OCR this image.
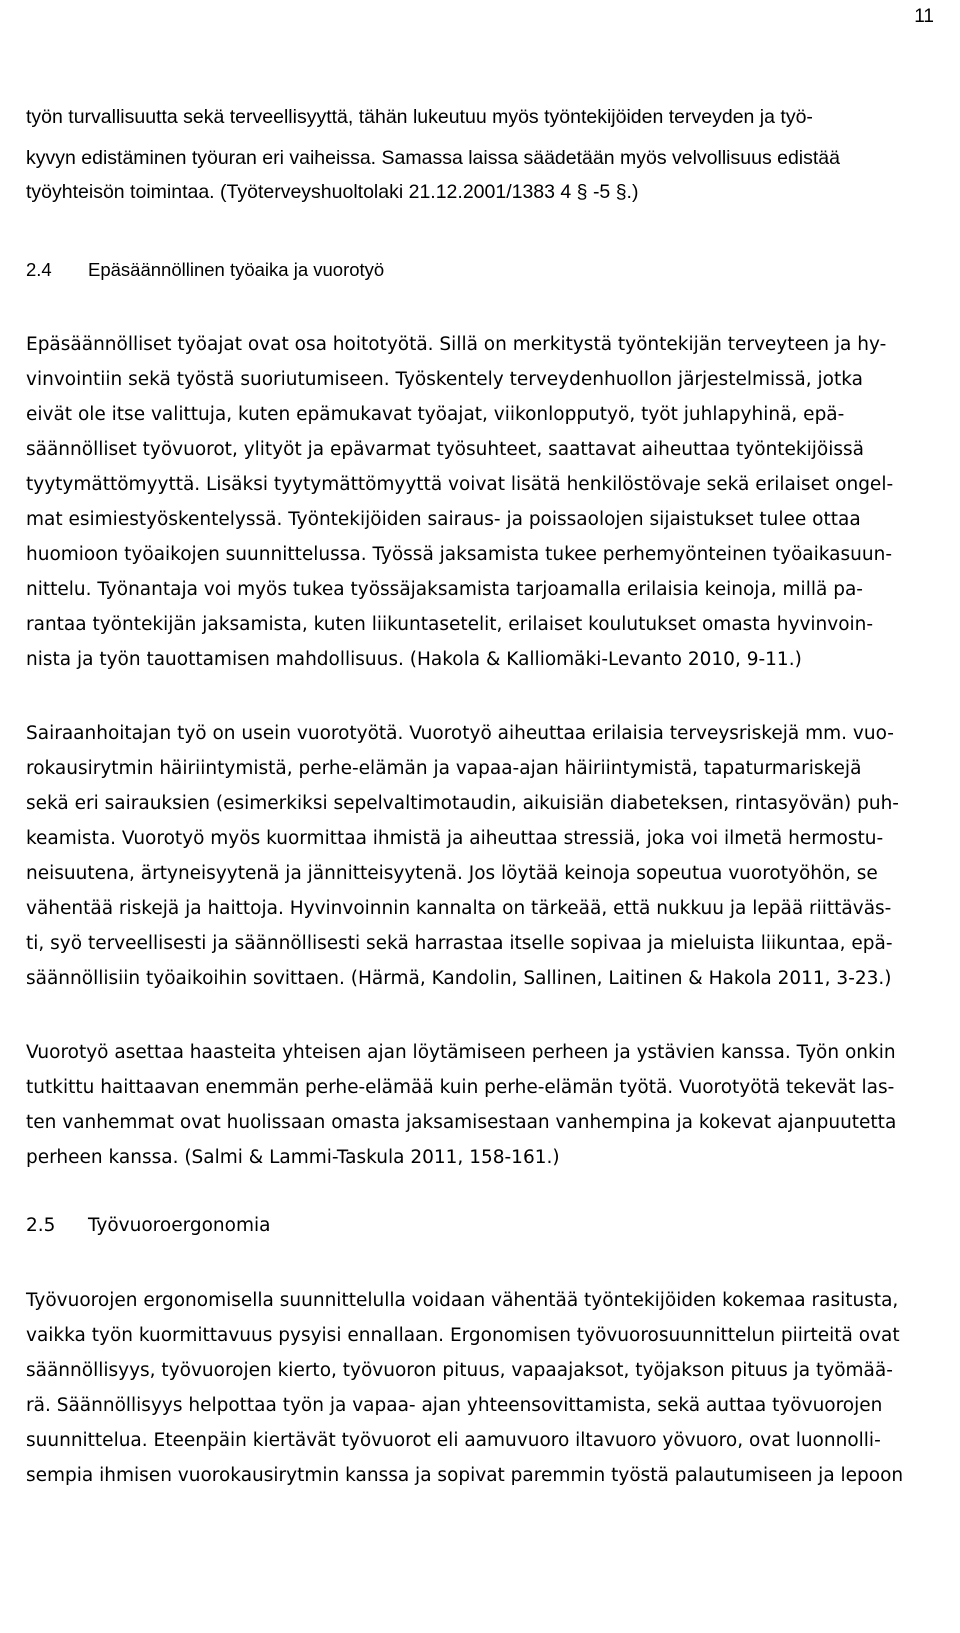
11
työn turvallisuutta sekä terveellisyyttä, tähän lukeutuu myös työntekijöiden terveyden ja työ-
kyvyn edistäminen työuran eri vaiheissa. Samassa laissa säädetään myös velvollisuus edistää
työyhteisön toimintaa. (Työterveyshuoltolaki 21.12.2001/1383 4 § -5 §.)
2.4 Epäsäännöllinen työaika ja vuorotyö
Epäsäännölliset työajat ovat osa hoitotyötä. Sillä on merkitystä työntekijän terveyteen ja hy-
vinvointiin sekä työstä suoriutumiseen. Työskentely terveydenhuollon järjestelmissä, jotka
eivät ole itse valittuja, kuten epämukavat työajat, viikonlopputyö, työt juhlapyhinä, epä-
säännölliset työvuorot, ylityöt ja epävarmat työsuhteet, saattavat aiheuttaa työntekijöissä
tyytymättömyyttä. Lisäksi tyytymättömyyttä voivat lisätä henkilöstövaje sekä erilaiset ongel-
mat esimiestyöskentelyssä. Työntekijöiden sairaus- ja poissaolojen sijaistukset tulee ottaa
huomioon työaikojen suunnittelussa. Työssä jaksamista tukee perhemyönteinen työaikasuun-
nittelu. Työnantaja voi myös tukea työssäjaksamista tarjoamalla erilaisia keinoja, millä pa-
rantaa työntekijän jaksamista, kuten liikuntasetelit, erilaiset koulutukset omasta hyvinvoin-
nista ja työn tauottamisen mahdollisuus. (Hakola & Kalliomäki-Levanto 2010, 9-11.)
Sairaanhoitajan työ on usein vuorotyötä. Vuorotyö aiheuttaa erilaisia terveysriskejä mm. vuo-
rokausirytmin häiriintymistä, perhe-elämän ja vapaa-ajan häiriintymistä, tapaturmariskejä
sekä eri sairauksien (esimerkiksi sepelvaltimotaudin, aikuisiän diabeteksen, rintasyövän) puh-
keamista. Vuorotyö myös kuormittaa ihmistä ja aiheuttaa stressiä, joka voi ilmetä hermostu-
neisuutena, ärtyneisyytenä ja jännitteisyytenä. Jos löytää keinoja sopeutua vuorotyöhön, se
vähentää riskejä ja haittoja. Hyvinvoinnin kannalta on tärkeää, että nukkuu ja lepää riittäväs-
ti, syö terveellisesti ja säännöllisesti sekä harrastaa itselle sopivaa ja mieluista liikuntaa, epä-
säännöllisiin työaikoihin sovittaen. (Härmä, Kandolin, Sallinen, Laitinen & Hakola 2011, 3-23.)
Vuorotyö asettaa haasteita yhteisen ajan löytämiseen perheen ja ystävien kanssa. Työn onkin
tutkittu haittaavan enemmän perhe-elämää kuin perhe-elämän työtä. Vuorotyötä tekevät las-
ten vanhemmat ovat huolissaan omasta jaksamisestaan vanhempina ja kokevat ajanpuutetta
perheen kanssa. (Salmi & Lammi-Taskula 2011, 158-161.)
2.5 Työvuoroergonomia
Työvuorojen ergonomisella suunnittelulla voidaan vähentää työntekijöiden kokemaa rasitusta,
vaikka työn kuormittavuus pysyisi ennallaan. Ergonomisen työvuorosuunnittelun piirteitä ovat
säännöllisyys, työvuorojen kierto, työvuoron pituus, vapaajaksot, työjakson pituus ja työmää-
rä. Säännöllisyys helpottaa työn ja vapaa- ajan yhteensovittamista, sekä auttaa työvuorojen
suunnittelua. Eteenpäin kiertävät työvuorot eli aamuvuoro iltavuoro yövuoro, ovat luonnolli-
sempia ihmisen vuorokausirytmin kanssa ja sopivat paremmin työstä palautumiseen ja lepoon
